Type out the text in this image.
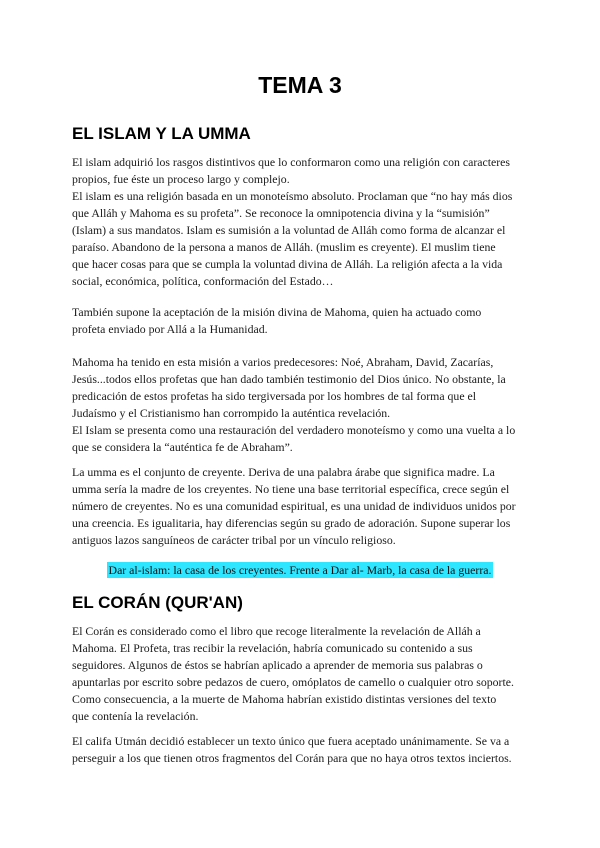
TEMA 3
EL ISLAM Y LA UMMA

El islam adquirió los rasgos distintivos que lo conformaron como una religión con caracteres
propios, fue éste un proceso largo y complejo.
El islam es una religión basada en un monoteísmo absoluto. Proclaman que “no hay más dios
que Alláh y Mahoma es su profeta”. Se reconoce la omnipotencia divina y la “sumisión”
(Islam) a sus mandatos. Islam es sumisión a la voluntad de Alláh como forma de alcanzar el
paraíso. Abandono de la persona a manos de Alláh. (muslim es creyente). El muslim tiene
que hacer cosas para que se cumpla la voluntad divina de Alláh. La religión afecta a la vida
social, económica, política, conformación del Estado…

También supone la aceptación de la misión divina de Mahoma, quien ha actuado como
profeta enviado por Allá a la Humanidad.

Mahoma ha tenido en esta misión a varios predecesores: Noé, Abraham, David, Zacarías,
Jesús...todos ellos profetas que han dado también testimonio del Dios único. No obstante, la
predicación de estos profetas ha sido tergiversada por los hombres de tal forma que el
Judaísmo y el Cristianismo han corrompido la auténtica revelación.
El Islam se presenta como una restauración del verdadero monoteísmo y como una vuelta a lo
que se considera la “auténtica fe de Abraham”.

La umma es el conjunto de creyente. Deriva de una palabra árabe que significa madre. La
umma sería la madre de los creyentes. No tiene una base territorial específica, crece según el
número de creyentes. No es una comunidad espiritual, es una unidad de individuos unidos por
una creencia. Es igualitaria, hay diferencias según su grado de adoración. Supone superar los
antiguos lazos sanguíneos de carácter tribal por un vínculo religioso.

Dar al-islam: la casa de los creyentes. Frente a Dar al- Marb, la casa de la guerra.
EL CORÁN (QUR'AN)

El Corán es considerado como el libro que recoge literalmente la revelación de Alláh a
Mahoma. El Profeta, tras recibir la revelación, habría comunicado su contenido a sus
seguidores. Algunos de éstos se habrían aplicado a aprender de memoria sus palabras o
apuntarlas por escrito sobre pedazos de cuero, omóplatos de camello o cualquier otro soporte.
Como consecuencia, a la muerte de Mahoma habrían existido distintas versiones del texto
que contenía la revelación.

El califa Utmán decidió establecer un texto único que fuera aceptado unánimamente. Se va a
perseguir a los que tienen otros fragmentos del Corán para que no haya otros textos inciertos.
